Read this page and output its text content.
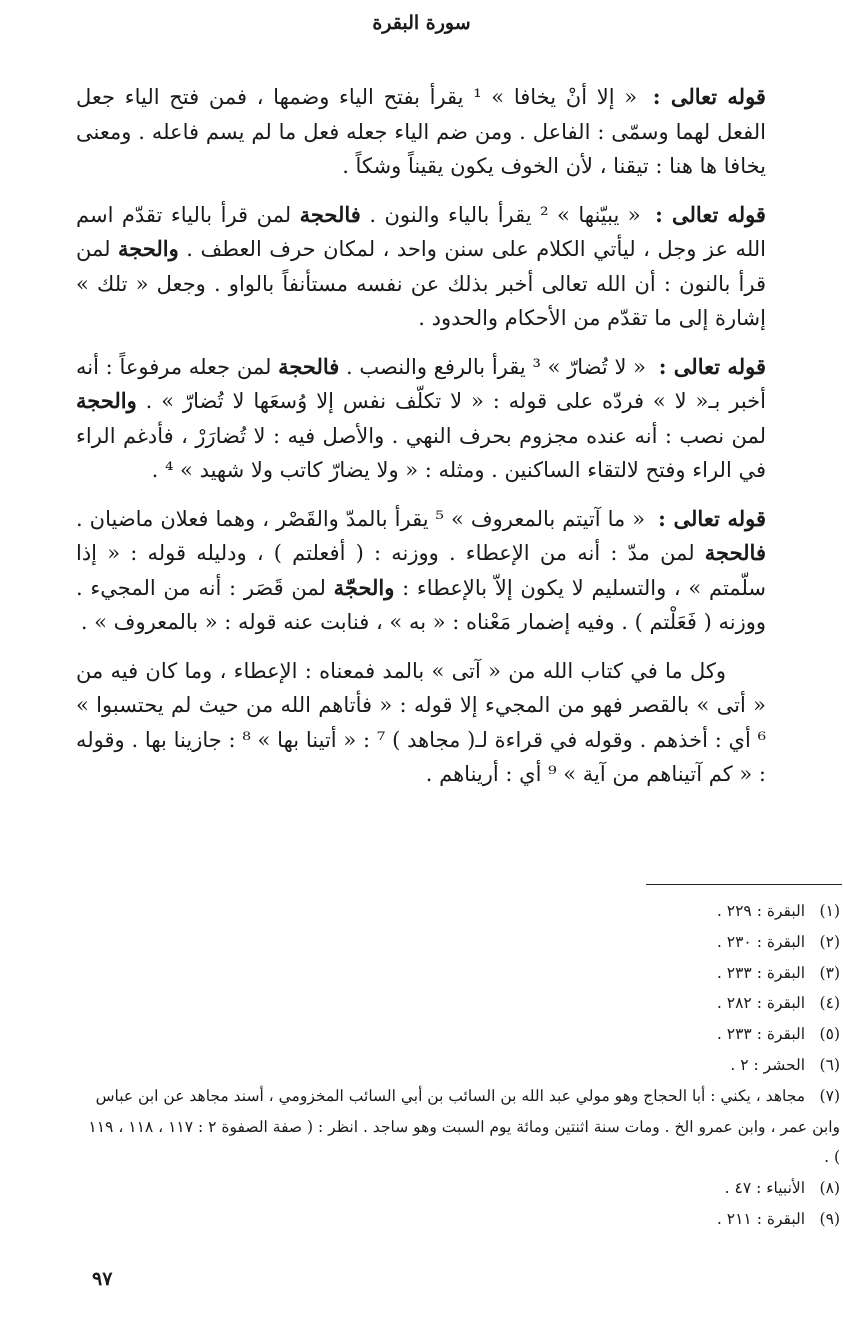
سورة البقرة

قوله تعالى : « إلا أنْ يخافا » ¹ يقرأ بفتح الياء وضمها ، فمن فتح الياء جعل الفعل لهما وسمّى : الفاعل . ومن ضم الياء جعله فعل ما لم يسم فاعله . ومعنى يخافا ها هنا : تيقنا ، لأن الخوف يكون يقيناً وشكاً .

قوله تعالى : « يبيّنها » ² يقرأ بالياء والنون . فالحجة لمن قرأ بالياء تقدّم اسم الله عز وجل ، ليأتي الكلام على سنن واحد ، لمكان حرف العطف . والحجة لمن قرأ بالنون : أن الله تعالى أخبر بذلك عن نفسه مستأنفاً بالواو . وجعل « تلك » إشارة إلى ما تقدّم من الأحكام والحدود .

قوله تعالى : « لا تُضارّ » ³ يقرأ بالرفع والنصب . فالحجة لمن جعله مرفوعاً : أنه أخبر بـ« لا » فردّه على قوله : « لا تكلّف نفس إلا وُسعَها لا تُضارّ » . والحجة لمن نصب : أنه عنده مجزوم بحرف النهي . والأصل فيه : لا تُضارَرْ ، فأدغم الراء في الراء وفتح لالتقاء الساكنين . ومثله : « ولا يضارّ كاتب ولا شهيد » ⁴ .

قوله تعالى : « ما آتيتم بالمعروف » ⁵ يقرأ بالمدّ والقَصْر ، وهما فعلان ماضيان . فالحجة لمن مدّ : أنه من الإعطاء . ووزنه : ( أفعلتم ) ، ودليله قوله : « إذا سلّمتم » ، والتسليم لا يكون إلاّ بالإعطاء : والحجّة لمن قَصَر : أنه من المجيء . ووزنه ( فَعَلْتم ) . وفيه إضمار مَعْناه : « به » ، فنابت عنه قوله : « بالمعروف » .

وكل ما في كتاب الله من « آتى » بالمد فمعناه : الإعطاء ، وما كان فيه من « أتى » بالقصر فهو من المجيء إلا قوله : « فأتاهم الله من حيث لم يحتسبوا » ⁶ أي : أخذهم . وقوله في قراءة لـ( مجاهد ) ⁷ : « أتينا بها » ⁸ : جازينا بها . وقوله : « كم آتيناهم من آية » ⁹ أي : أريناهم .

(١) البقرة : ٢٢٩ .
(٢) البقرة : ٢٣٠ .
(٣) البقرة : ٢٣٣ .
(٤) البقرة : ٢٨٢ .
(٥) البقرة : ٢٣٣ .
(٦) الحشر : ٢ .
(٧) مجاهد ، يكني : أبا الحجاج وهو مولي عبد الله بن السائب بن أبي السائب المخزومي ، أسند مجاهد عن ابن عباس وابن عمر ، وابن عمرو الخ . ومات سنة اثنتين ومائة يوم السبت وهو ساجد . انظر : ( صفة الصفوة ٢ : ١١٧ ، ١١٨ ، ١١٩ ) .
(٨) الأنبياء : ٤٧ .
(٩) البقرة : ٢١١ .
٩٧
